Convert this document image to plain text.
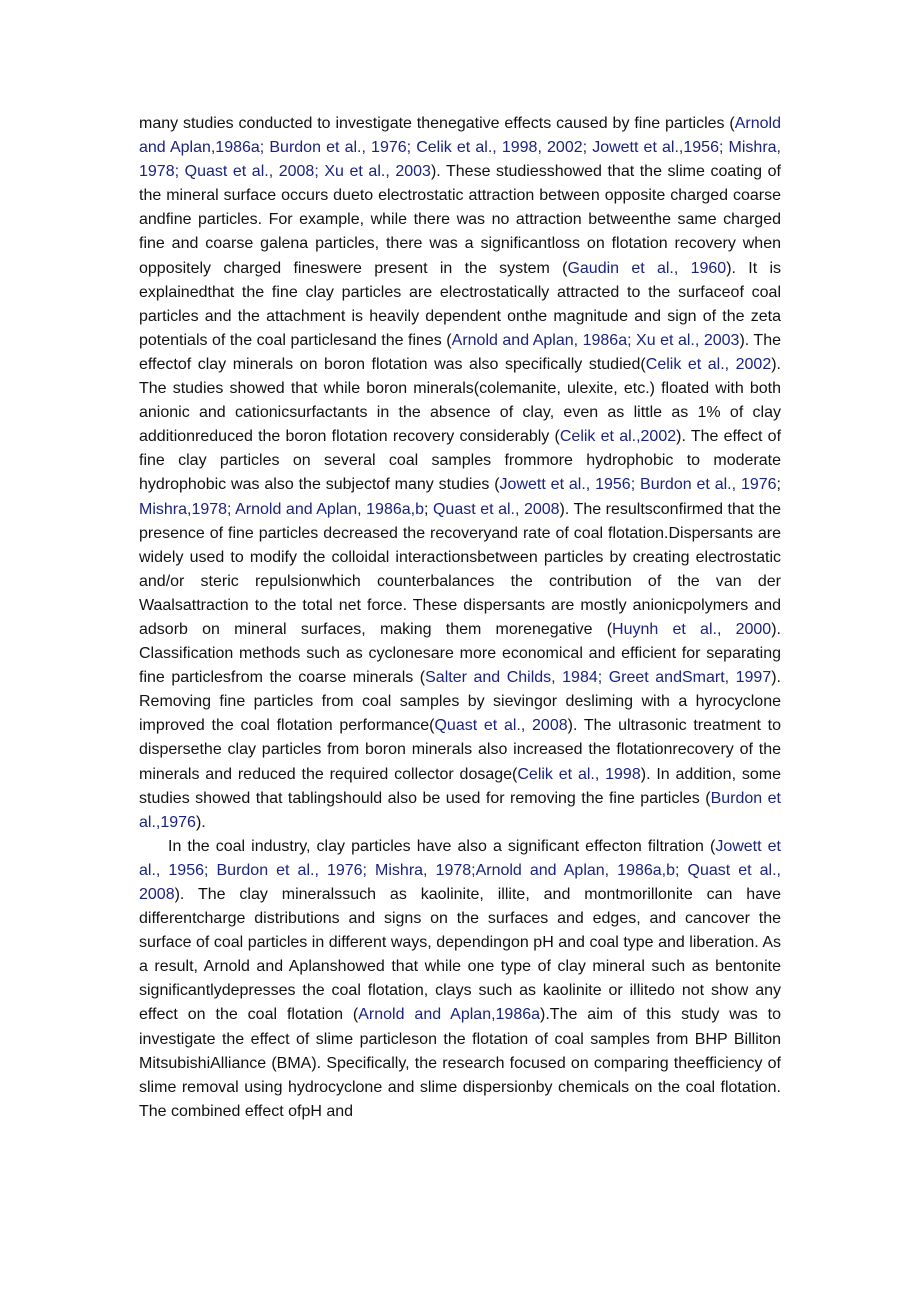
many studies conducted to investigate thenegative effects caused by fine particles (Arnold and Aplan,1986a; Burdon et al., 1976; Celik et al., 1998, 2002; Jowett et al.,1956; Mishra, 1978; Quast et al., 2008; Xu et al., 2003). These studiesshowed that the slime coating of the mineral surface occurs dueto electrostatic attraction between opposite charged coarse andfine particles. For example, while there was no attraction betweenthe same charged fine and coarse galena particles, there was a significantloss on flotation recovery when oppositely charged fineswere present in the system (Gaudin et al., 1960). It is explainedthat the fine clay particles are electrostatically attracted to the surfaceof coal particles and the attachment is heavily dependent onthe magnitude and sign of the zeta potentials of the coal particlesand the fines (Arnold and Aplan, 1986a; Xu et al., 2003). The effectof clay minerals on boron flotation was also specifically studied(Celik et al., 2002). The studies showed that while boron minerals(colemanite, ulexite, etc.) floated with both anionic and cationicsurfactants in the absence of clay, even as little as 1% of clay additionreduced the boron flotation recovery considerably (Celik et al.,2002). The effect of fine clay particles on several coal samples frommore hydrophobic to moderate hydrophobic was also the subjectof many studies (Jowett et al., 1956; Burdon et al., 1976; Mishra,1978; Arnold and Aplan, 1986a,b; Quast et al., 2008). The resultsconfirmed that the presence of fine particles decreased the recoveryand rate of coal flotation.Dispersants are widely used to modify the colloidal interactionsbetween particles by creating electrostatic and/or steric repulsionwhich counterbalances the contribution of the van der Waalsattraction to the total net force. These dispersants are mostly anionicpolymers and adsorb on mineral surfaces, making them morenegative (Huynh et al., 2000). Classification methods such as cyclonesare more economical and efficient for separating fine particlesfrom the coarse minerals (Salter and Childs, 1984; Greet andSmart, 1997). Removing fine particles from coal samples by sievingor desliming with a hyrocyclone improved the coal flotation performance(Quast et al., 2008). The ultrasonic treatment to dispersethe clay particles from boron minerals also increased the flotationrecovery of the minerals and reduced the required collector dosage(Celik et al., 1998). In addition, some studies showed that tablingshould also be used for removing the fine particles (Burdon et al.,1976).

In the coal industry, clay particles have also a significant effecton filtration (Jowett et al., 1956; Burdon et al., 1976; Mishra, 1978;Arnold and Aplan, 1986a,b; Quast et al., 2008). The clay mineralssuch as kaolinite, illite, and montmorillonite can have differentcharge distributions and signs on the surfaces and edges, and cancover the surface of coal particles in different ways, dependingon pH and coal type and liberation. As a result, Arnold and Aplanshowed that while one type of clay mineral such as bentonite significantlydepresses the coal flotation, clays such as kaolinite or illitedo not show any effect on the coal flotation (Arnold and Aplan,1986a).The aim of this study was to investigate the effect of slime particleson the flotation of coal samples from BHP Billiton MitsubishiAlliance (BMA). Specifically, the research focused on comparing theefficiency of slime removal using hydrocyclone and slime dispersionby chemicals on the coal flotation. The combined effect ofpH and
